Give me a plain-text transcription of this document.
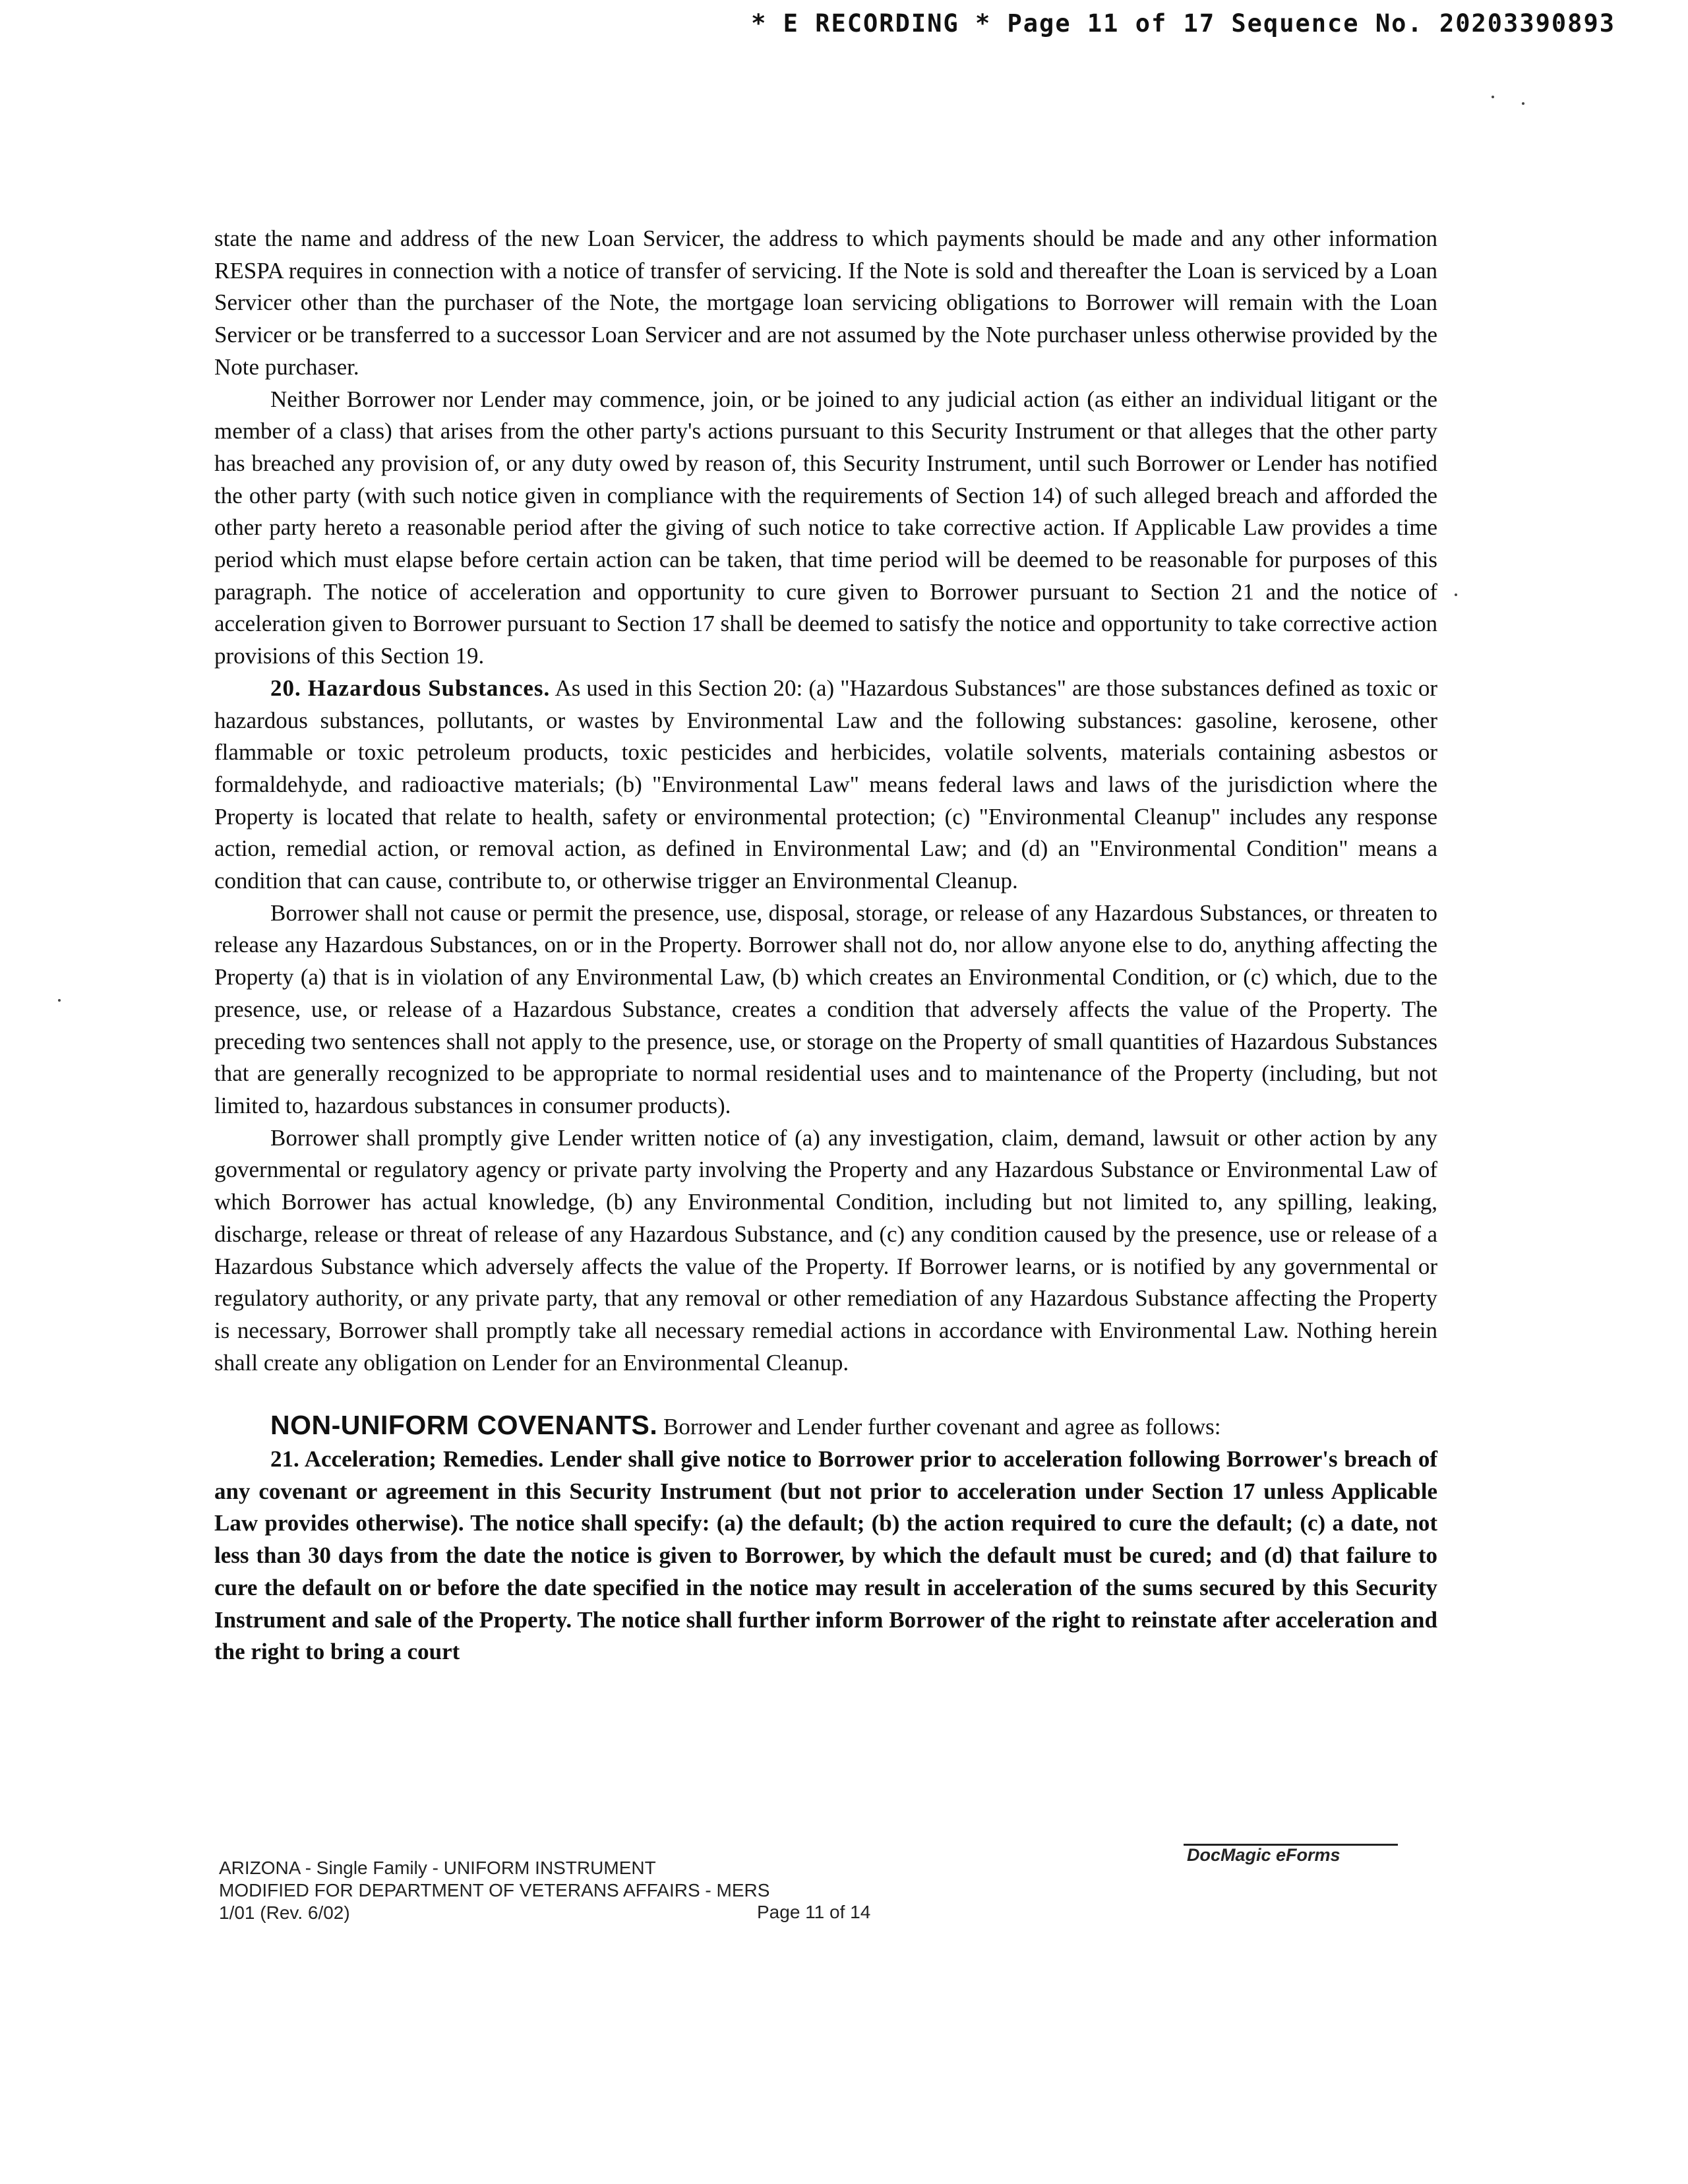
* E RECORDING * Page 11 of 17 Sequence No. 20203390893

state the name and address of the new Loan Servicer, the address to which payments should be made and any other information RESPA requires in connection with a notice of transfer of servicing. If the Note is sold and thereafter the Loan is serviced by a Loan Servicer other than the purchaser of the Note, the mortgage loan servicing obligations to Borrower will remain with the Loan Servicer or be transferred to a successor Loan Servicer and are not assumed by the Note purchaser unless otherwise provided by the Note purchaser.

Neither Borrower nor Lender may commence, join, or be joined to any judicial action (as either an individual litigant or the member of a class) that arises from the other party's actions pursuant to this Security Instrument or that alleges that the other party has breached any provision of, or any duty owed by reason of, this Security Instrument, until such Borrower or Lender has notified the other party (with such notice given in compliance with the requirements of Section 14) of such alleged breach and afforded the other party hereto a reasonable period after the giving of such notice to take corrective action. If Applicable Law provides a time period which must elapse before certain action can be taken, that time period will be deemed to be reasonable for purposes of this paragraph. The notice of acceleration and opportunity to cure given to Borrower pursuant to Section 21 and the notice of acceleration given to Borrower pursuant to Section 17 shall be deemed to satisfy the notice and opportunity to take corrective action provisions of this Section 19.

20. Hazardous Substances. As used in this Section 20: (a) "Hazardous Substances" are those substances defined as toxic or hazardous substances, pollutants, or wastes by Environmental Law and the following substances: gasoline, kerosene, other flammable or toxic petroleum products, toxic pesticides and herbicides, volatile solvents, materials containing asbestos or formaldehyde, and radioactive materials; (b) "Environmental Law" means federal laws and laws of the jurisdiction where the Property is located that relate to health, safety or environmental protection; (c) "Environmental Cleanup" includes any response action, remedial action, or removal action, as defined in Environmental Law; and (d) an "Environmental Condition" means a condition that can cause, contribute to, or otherwise trigger an Environmental Cleanup.

Borrower shall not cause or permit the presence, use, disposal, storage, or release of any Hazardous Substances, or threaten to release any Hazardous Substances, on or in the Property. Borrower shall not do, nor allow anyone else to do, anything affecting the Property (a) that is in violation of any Environmental Law, (b) which creates an Environmental Condition, or (c) which, due to the presence, use, or release of a Hazardous Substance, creates a condition that adversely affects the value of the Property. The preceding two sentences shall not apply to the presence, use, or storage on the Property of small quantities of Hazardous Substances that are generally recognized to be appropriate to normal residential uses and to maintenance of the Property (including, but not limited to, hazardous substances in consumer products).

Borrower shall promptly give Lender written notice of (a) any investigation, claim, demand, lawsuit or other action by any governmental or regulatory agency or private party involving the Property and any Hazardous Substance or Environmental Law of which Borrower has actual knowledge, (b) any Environmental Condition, including but not limited to, any spilling, leaking, discharge, release or threat of release of any Hazardous Substance, and (c) any condition caused by the presence, use or release of a Hazardous Substance which adversely affects the value of the Property. If Borrower learns, or is notified by any governmental or regulatory authority, or any private party, that any removal or other remediation of any Hazardous Substance affecting the Property is necessary, Borrower shall promptly take all necessary remedial actions in accordance with Environmental Law. Nothing herein shall create any obligation on Lender for an Environmental Cleanup.

NON-UNIFORM COVENANTS. Borrower and Lender further covenant and agree as follows:

21. Acceleration; Remedies. Lender shall give notice to Borrower prior to acceleration following Borrower's breach of any covenant or agreement in this Security Instrument (but not prior to acceleration under Section 17 unless Applicable Law provides otherwise). The notice shall specify: (a) the default; (b) the action required to cure the default; (c) a date, not less than 30 days from the date the notice is given to Borrower, by which the default must be cured; and (d) that failure to cure the default on or before the date specified in the notice may result in acceleration of the sums secured by this Security Instrument and sale of the Property. The notice shall further inform Borrower of the right to reinstate after acceleration and the right to bring a court

DocMagic eForms
ARIZONA - Single Family - UNIFORM INSTRUMENT
MODIFIED FOR DEPARTMENT OF VETERANS AFFAIRS - MERS
1/01 (Rev. 6/02)	Page 11 of 14
